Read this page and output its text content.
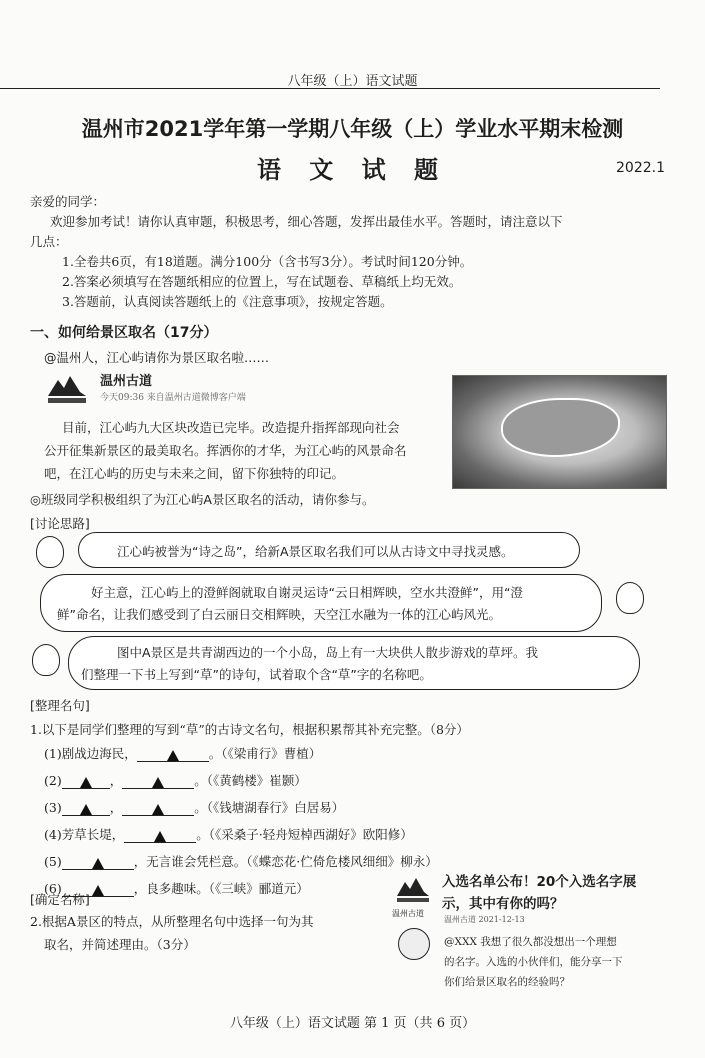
八年级（上）语文试题
温州市2021学年第一学期八年级（上）学业水平期末检测
语 文 试 题	2022.1
亲爱的同学：
欢迎参加考试！请你认真审题，积极思考，细心答题，发挥出最佳水平。答题时，请注意以下
几点：
1.全卷共6页，有18道题。满分100分（含书写3分）。考试时间120分钟。
2.答案必须填写在答题纸相应的位置上，写在试题卷、草稿纸上均无效。
3.答题前，认真阅读答题纸上的《注意事项》，按规定答题。
一、如何给景区取名（17分）
@温州人，江心屿请你为景区取名啦……
温州古道
今天09:36 来自温州古道微博客户端
目前，江心屿九大区块改造已完毕。改造提升指挥部现向社会
公开征集新景区的最美取名。挥洒你的才华，为江心屿的风景命名
吧，在江心屿的历史与未来之间，留下你独特的印记。
◎班级同学积极组织了为江心屿A景区取名的活动，请你参与。
[讨论思路]
江心屿被誉为“诗之岛”，给新A景区取名我们可以从古诗文中寻找灵感。
好主意，江心屿上的澄鲜阁就取自谢灵运诗“云日相辉映，空水共澄鲜”，用“澄
鲜”命名，让我们感受到了白云丽日交相辉映，天空江水融为一体的江心屿风光。
图中A景区是共青湖西边的一个小岛，岛上有一大块供人散步游戏的草坪。我
们整理一下书上写到“草”的诗句，试着取个含“草”字的名称吧。
[整理名句]
1.以下是同学们整理的写到“草”的古诗文名句，根据积累帮其补充完整。（8分）
(1)剧战边海民，	。（《梁甫行》曹植）
(2)	，	。（《黄鹤楼》崔颢）
(3)	，	。（《钱塘湖春行》白居易）
(4)芳草长堤，	。（《采桑子·轻舟短棹西湖好》欧阳修）
(5)	，无言谁会凭栏意。（《蝶恋花·伫倚危楼风细细》柳永）
(6)	，良多趣味。（《三峡》郦道元）
[确定名称]
2.根据A景区的特点，从所整理名句中选择一句为其
取名，并简述理由。（3分）
温州古道
入选名单公布！20个入选名字展
示，其中有你的吗？
温州古道 2021-12-13
@XXX 我想了很久都没想出一个理想
的名字。入选的小伙伴们，能分享一下
你们给景区取名的经验吗？
八年级（上）语文试题 第 1 页（共 6 页）
